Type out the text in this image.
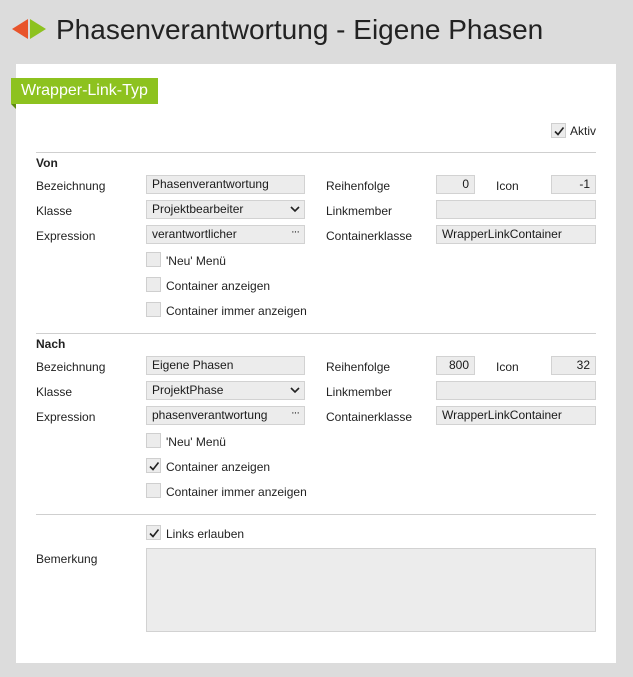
Phasenverantwortung - Eigene Phasen
Wrapper-Link-Typ
Aktiv
Von
Bezeichnung	Phasenverantwortung	Reihenfolge	0	Icon	-1
Klasse	Projektbearbeiter	Linkmember
Expression	verantwortlicher	···	Containerklasse	WrapperLinkContainer
'Neu' Menü
Container anzeigen
Container immer anzeigen
Nach
Bezeichnung	Eigene Phasen	Reihenfolge	800	Icon	32
Klasse	ProjektPhase	Linkmember
Expression	phasenverantwortung	···	Containerklasse	WrapperLinkContainer
'Neu' Menü
Container anzeigen
Container immer anzeigen
Links erlauben
Bemerkung
